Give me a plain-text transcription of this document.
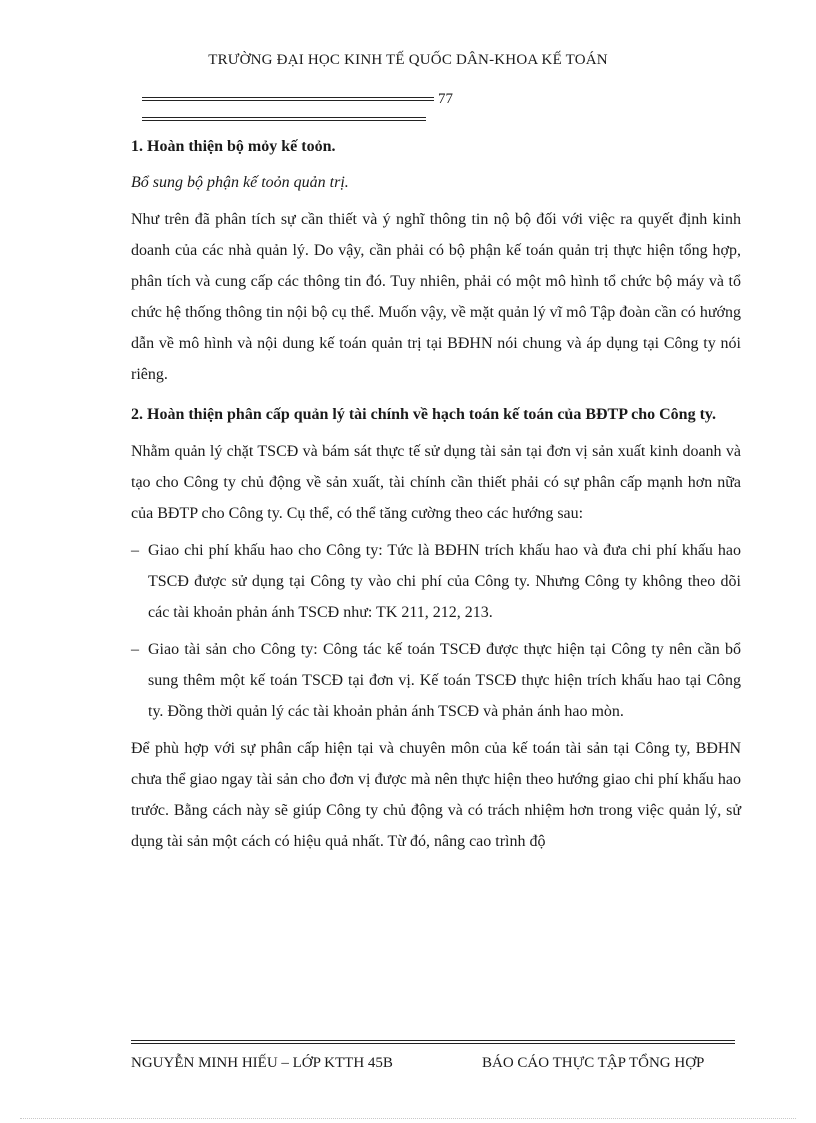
TRƯỜNG ĐẠI HỌC KINH TẾ QUỐC DÂN-KHOA KẾ TOÁN
77

1. Hoàn thiện bộ mỏy kế toỏn.

Bổ sung bộ phận kế toỏn quản trị.

Như trên đã phân tích sự cần thiết và ý nghĩ thông tin nộ bộ đối với việc ra quyết định kinh doanh của các nhà quản lý. Do vậy, cần phải có bộ phận kế toán quản trị thực hiện tổng hợp, phân tích và cung cấp các thông tin đó. Tuy nhiên, phải có một mô hình tổ chức bộ máy và tổ chức hệ thống thông tin nội bộ cụ thể. Muốn vậy, về mặt quản lý vĩ mô Tập đoàn cần có hướng dẫn về mô hình và nội dung kế toán quản trị tại BĐHN nói chung và áp dụng tại Công ty nói riêng.

2. Hoàn thiện phân cấp quản lý tài chính về hạch toán kế toán của BĐTP cho Công ty.

Nhằm quản lý chặt TSCĐ và bám sát thực tế sử dụng tài sản tại đơn vị sản xuất kinh doanh và tạo cho Công ty chủ động về sản xuất, tài chính cần thiết phải có sự phân cấp mạnh hơn nữa của BĐTP cho Công ty. Cụ thể, có thể tăng cường theo các hướng sau:

– Giao chi phí khấu hao cho Công ty: Tức là BĐHN trích khấu hao và đưa chi phí khấu hao TSCĐ được sử dụng tại Công ty vào chi phí của Công ty. Nhưng Công ty không theo dõi các tài khoản phản ánh TSCĐ như: TK 211, 212, 213.
– Giao tài sản cho Công ty: Công tác kế toán TSCĐ được thực hiện tại Công ty nên cần bổ sung thêm một kế toán TSCĐ tại đơn vị. Kế toán TSCĐ thực hiện trích khấu hao tại Công ty. Đồng thời quản lý các tài khoản phản ánh TSCĐ và phản ánh hao mòn.

Để phù hợp với sự phân cấp hiện tại và chuyên môn của kế toán tài sản tại Công ty, BĐHN chưa thể giao ngay tài sản cho đơn vị được mà nên thực hiện theo hướng giao chi phí khấu hao trước. Bằng cách này sẽ giúp Công ty chủ động và có trách nhiệm hơn trong việc quản lý, sử dụng tài sản một cách có hiệu quả nhất. Từ đó, nâng cao trình độ

NGUYỄN MINH HIẾU – LỚP KTTH 45B	BÁO CÁO THỰC TẬP TỔNG HỢP
